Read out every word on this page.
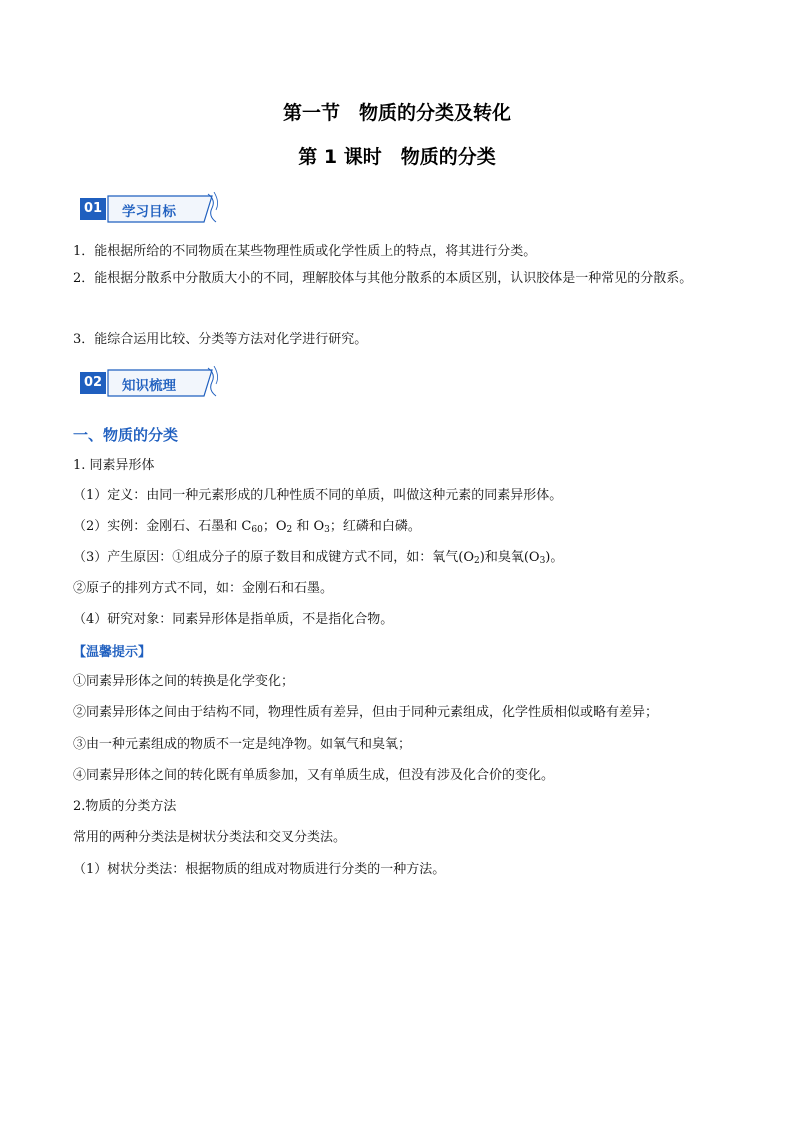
第一节　物质的分类及转化
第 1 课时　物质的分类
01 学习目标
1．能根据所给的不同物质在某些物理性质或化学性质上的特点，将其进行分类。
2．能根据分散系中分散质大小的不同，理解胶体与其他分散系的本质区别，认识胶体是一种常见的分散系。
3．能综合运用比较、分类等方法对化学进行研究。
02 知识梳理
一、物质的分类
1. 同素异形体
（1）定义：由同一种元素形成的几种性质不同的单质，叫做这种元素的同素异形体。
（2）实例：金刚石、石墨和 $C_{60}$；$O_2$ 和 $O_3$；红磷和白磷。
（3）产生原因：①组成分子的原子数目和成键方式不同，如：氧气$(O_2)$和臭氧$(O_3)$。
②原子的排列方式不同，如：金刚石和石墨。
（4）研究对象：同素异形体是指单质，不是指化合物。
【温馨提示】
①同素异形体之间的转换是化学变化；
②同素异形体之间由于结构不同，物理性质有差异，但由于同种元素组成，化学性质相似或略有差异；
③由一种元素组成的物质不一定是纯净物。如氧气和臭氧；
④同素异形体之间的转化既有单质参加，又有单质生成，但没有涉及化合价的变化。
2.物质的分类方法
常用的两种分类法是树状分类法和交叉分类法。
（1）树状分类法：根据物质的组成对物质进行分类的一种方法。
